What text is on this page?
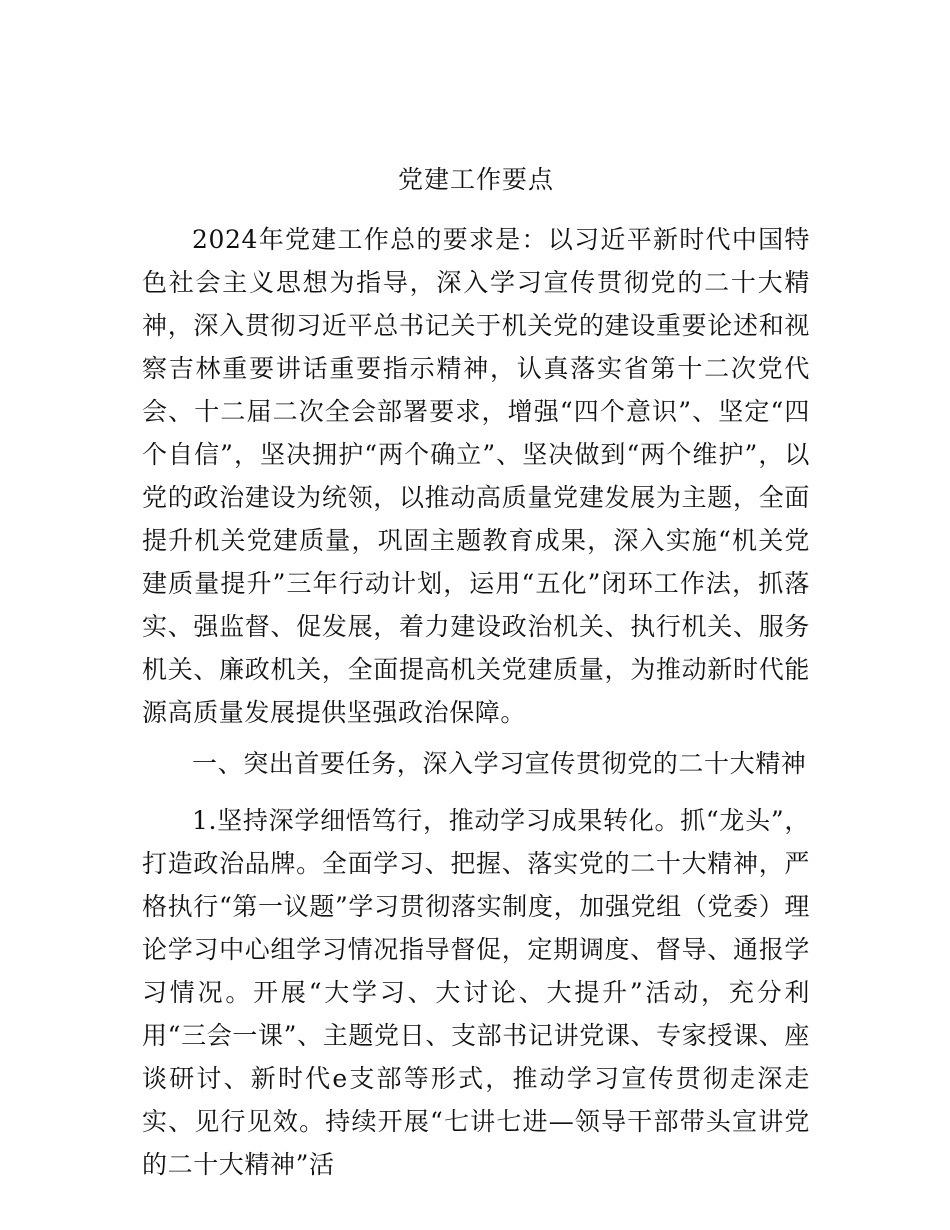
党建工作要点

2024年党建工作总的要求是：以习近平新时代中国特色社会主义思想为指导，深入学习宣传贯彻党的二十大精神，深入贯彻习近平总书记关于机关党的建设重要论述和视察吉林重要讲话重要指示精神，认真落实省第十二次党代会、十二届二次全会部署要求，增强“四个意识”、坚定“四个自信”，坚决拥护“两个确立”、坚决做到“两个维护”，以党的政治建设为统领，以推动高质量党建发展为主题，全面提升机关党建质量，巩固主题教育成果，深入实施“机关党建质量提升”三年行动计划，运用“五化”闭环工作法，抓落实、强监督、促发展，着力建设政治机关、执行机关、服务机关、廉政机关，全面提高机关党建质量，为推动新时代能源高质量发展提供坚强政治保障。

一、突出首要任务，深入学习宣传贯彻党的二十大精神

1.坚持深学细悟笃行，推动学习成果转化。抓“龙头”，打造政治品牌。全面学习、把握、落实党的二十大精神，严格执行“第一议题”学习贯彻落实制度，加强党组（党委）理论学习中心组学习情况指导督促，定期调度、督导、通报学习情况。开展“大学习、大讨论、大提升”活动，充分利用“三会一课”、主题党日、支部书记讲党课、专家授课、座谈研讨、新时代e支部等形式，推动学习宣传贯彻走深走实、见行见效。持续开展“七讲七进—领导干部带头宣讲党的二十大精神”活
